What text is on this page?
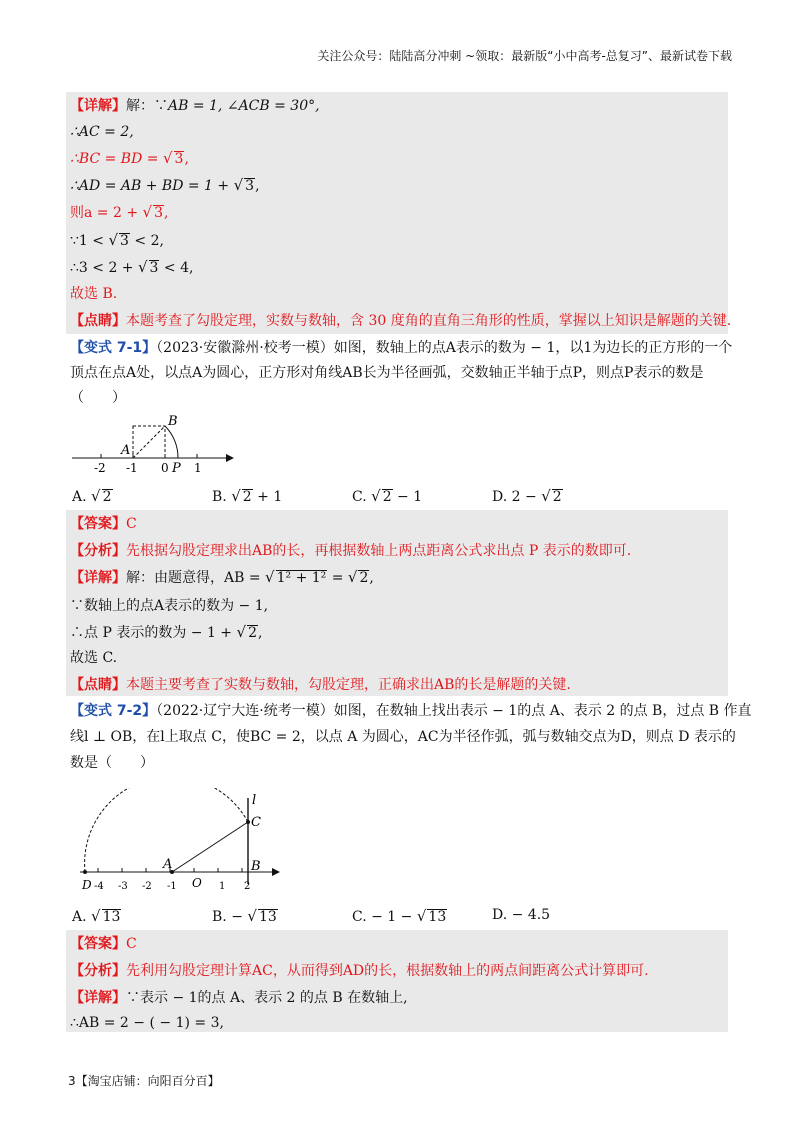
关注公众号：陆陆高分冲刺 ~领取：最新版“小中高考-总复习”、最新试卷下载
【详解】解：∵AB = 1, ∠ACB = 30°,
∴AC = 2,
∴BC = BD = √ 3,
∴AD = AB + BD = 1 + √ 3,
则a = 2 + √ 3,
∵1 < √ 3 < 2,
∴3 < 2 + √ 3 < 4,
故选 B.
【点睛】本题考查了勾股定理，实数与数轴，含 30 度角的直角三角形的性质，掌握以上知识是解题的关键.
【变式 7-1】（2023·安徽滁州·校考一模）如图，数轴上的点A表示的数为 − 1，以1为边长的正方形的一个
顶点在点A处，以点A为圆心，正方形对角线AB长为半径画弧，交数轴正半轴于点P，则点P表示的数是
（　　）
-2 -1 0 1
A
B
P
A. √ 2	B. √ 2 + 1	C. √ 2 − 1	D. 2 − √ 2
【答案】C
【分析】先根据勾股定理求出AB的长，再根据数轴上两点距离公式求出点 P 表示的数即可.
【详解】解：由题意得，AB = √ 1² + 1² = √ 2,
∵数轴上的点A表示的数为 − 1,
∴点 P 表示的数为 − 1 + √ 2,
故选 C.
【点睛】本题主要考查了实数与数轴，勾股定理，正确求出AB的长是解题的关键.
【变式 7-2】（2022·辽宁大连·统考一模）如图，在数轴上找出表示 − 1的点 A、表示 2 的点 B，过点 B 作直
线l ⊥ OB，在l上取点 C，使BC = 2，以点 A 为圆心，AC为半径作弧，弧与数轴交点为D，则点 D 表示的
数是（　　）
D -4 -3 -2 -1 O 1 2
A	B
C
l
A. √ 13	B. − √ 13	C. − 1 − √ 13	D. − 4.5
【答案】C
【分析】先利用勾股定理计算AC，从而得到AD的长，根据数轴上的两点间距离公式计算即可.
【详解】∵表示 − 1的点 A、表示 2 的点 B 在数轴上,
∴AB = 2 − ( − 1) = 3,
3【淘宝店铺：向阳百分百】
